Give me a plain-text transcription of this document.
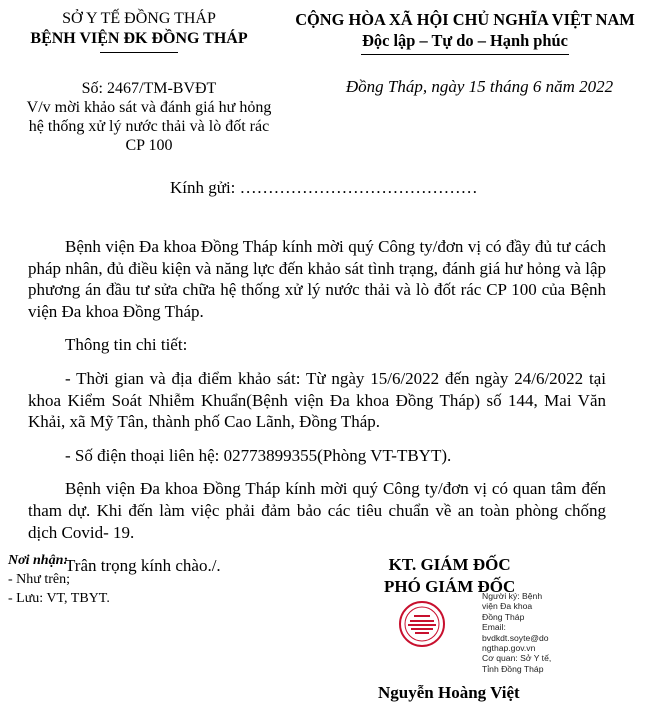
SỞ Y TẾ ĐỒNG THÁP
BỆNH VIỆN ĐK ĐỒNG THÁP
CỘNG HÒA XÃ HỘI CHỦ NGHĨA VIỆT NAM
Độc lập – Tự do – Hạnh phúc
Số: 2467/TM-BVĐT
V/v mời khảo sát và đánh giá hư hỏng
hệ thống xử lý nước thải và lò đốt rác
CP 100
Đồng Tháp, ngày 15 tháng 6 năm 2022
Kính gửi: ……………………………………

Bệnh viện Đa khoa Đồng Tháp kính mời quý Công ty/đơn vị có đầy đủ tư cách pháp nhân, đủ điều kiện và năng lực đến khảo sát tình trạng, đánh giá hư hỏng và lập phương án đầu tư sửa chữa hệ thống xử lý nước thải và lò đốt rác CP 100 của Bệnh viện Đa khoa Đồng Tháp.

Thông tin chi tiết:

- Thời gian và địa điểm khảo sát: Từ ngày 15/6/2022 đến ngày 24/6/2022 tại khoa Kiểm Soát Nhiễm Khuẩn(Bệnh viện Đa khoa Đồng Tháp) số 144, Mai Văn Khải, xã Mỹ Tân, thành phố Cao Lãnh, Đồng Tháp.

- Số điện thoại liên hệ: 02773899355(Phòng VT-TBYT).

Bệnh viện Đa khoa Đồng Tháp kính mời quý Công ty/đơn vị có quan tâm đến tham dự. Khi đến làm việc phải đảm bảo các tiêu chuẩn về an toàn phòng chống dịch Covid- 19.

Trân trọng kính chào./.

Nơi nhận:
- Như trên;
- Lưu: VT, TBYT.
KT. GIÁM ĐỐC
PHÓ GIÁM ĐỐC
Người ký: Bệnh
viện Đa khoa
Đồng Tháp
Email:
bvdkdt.soyte@do
ngthap.gov.vn
Cơ quan: Sở Y tế,
Tỉnh Đồng Tháp
Nguyễn Hoàng Việt
